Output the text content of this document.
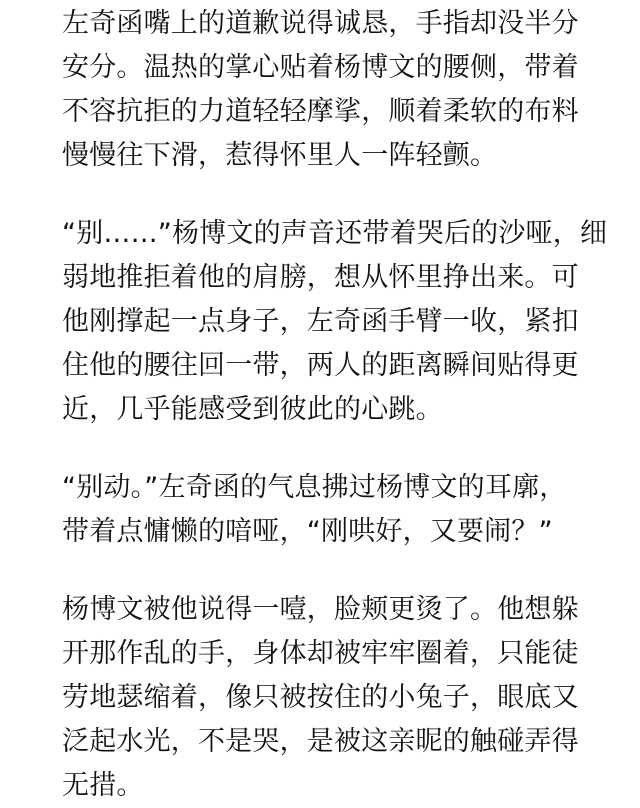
左奇函嘴上的道歉说得诚恳，手指却没半分
安分。温热的掌心贴着杨博文的腰侧，带着
不容抗拒的力道轻轻摩挲，顺着柔软的布料
慢慢往下滑，惹得怀里人一阵轻颤。
“别……”杨博文的声音还带着哭后的沙哑，细
弱地推拒着他的肩膀，想从怀里挣出来。可
他刚撑起一点身子，左奇函手臂一收，紧扣
住他的腰往回一带，两人的距离瞬间贴得更
近，几乎能感受到彼此的心跳。
“别动。”左奇函的气息拂过杨博文的耳廓，
带着点慵懒的喑哑，“刚哄好，又要闹？”
杨博文被他说得一噎，脸颊更烫了。他想躲
开那作乱的手，身体却被牢牢圈着，只能徒
劳地瑟缩着，像只被按住的小兔子，眼底又
泛起水光，不是哭，是被这亲昵的触碰弄得
无措。
